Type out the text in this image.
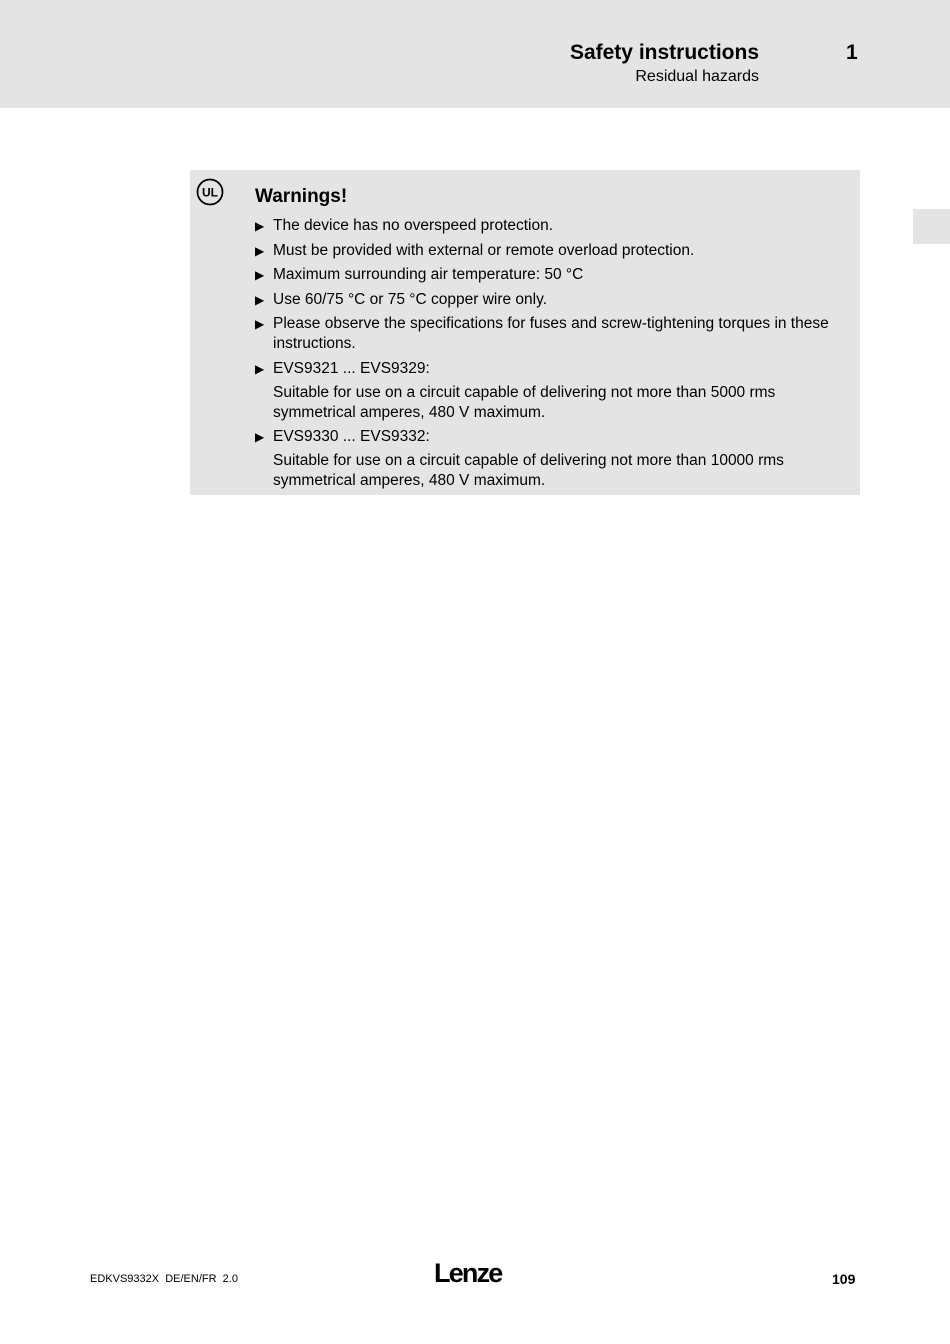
Safety instructions
Residual hazards
1
UL Warnings!
▶ The device has no overspeed protection.
▶ Must be provided with external or remote overload protection.
▶ Maximum surrounding air temperature: 50 °C
▶ Use 60/75 °C or 75 °C copper wire only.
▶ Please observe the specifications for fuses and screw-tightening torques in these instructions.
▶ EVS9321 ... EVS9329:
Suitable for use on a circuit capable of delivering not more than 5000 rms symmetrical amperes, 480 V maximum.
▶ EVS9330 ... EVS9332:
Suitable for use on a circuit capable of delivering not more than 10000 rms symmetrical amperes, 480 V maximum.
EDKVS9332X  DE/EN/FR  2.0	Lenze	109
